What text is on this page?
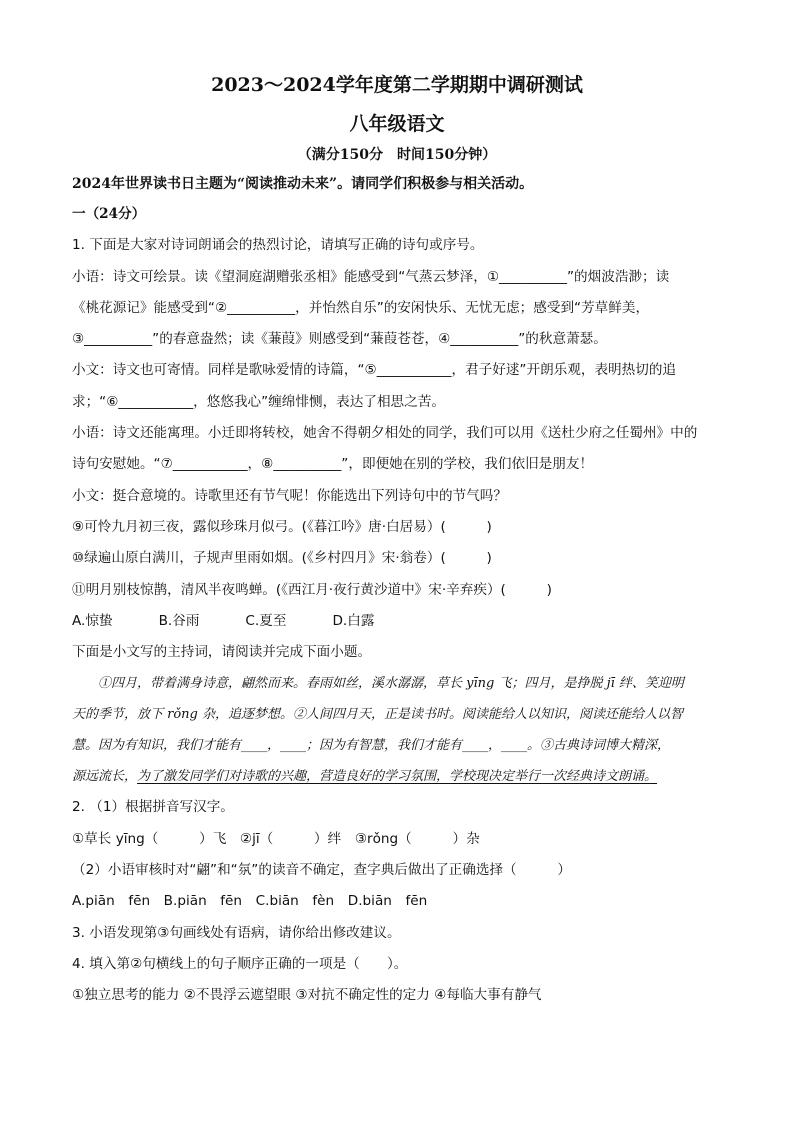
2023～2024学年度第二学期期中调研测试
八年级语文
（满分150分　时间150分钟）
2024年世界读书日主题为“阅读推动未来”。请同学们积极参与相关活动。
一（24分）
1. 下面是大家对诗词朗诵会的热烈讨论，请填写正确的诗句或序号。
小语：诗文可绘景。读《望洞庭湖赠张丞相》能感受到“气蒸云梦泽，①__________”的烟波浩渺；读
《桃花源记》能感受到“②__________，并怡然自乐”的安闲快乐、无忧无虑；感受到“芳草鲜美，
③__________”的春意盎然；读《蒹葭》则感受到“蒹葭苍苍，④__________”的秋意萧瑟。
小文：诗文也可寄情。同样是歌咏爱情的诗篇，“⑤___________，君子好逑”开朗乐观，表明热切的追
求；“⑥___________，悠悠我心”缠绵悱恻，表达了相思之苦。
小语：诗文还能寓理。小迁即将转校，她舍不得朝夕相处的同学，我们可以用《送杜少府之任蜀州》中的
诗句安慰她。“⑦___________，⑧__________”，即便她在别的学校，我们依旧是朋友！
小文：挺合意境的。诗歌里还有节气呢！你能选出下列诗句中的节气吗？
⑨可怜九月初三夜，露似珍珠月似弓。(《暮江吟》唐·白居易）(　　　)
⑩绿遍山原白满川，子规声里雨如烟。(《乡村四月》宋·翁卷）(　　　)
⑪明月别枝惊鹊，清风半夜鸣蝉。(《西江月·夜行黄沙道中》宋·辛弃疾）(　　　)
A.惊蛰	B.谷雨	C.夏至	D.白露
下面是小文写的主持词，请阅读并完成下面小题。
①四月，带着满身诗意，翩然而来。春雨如丝，溪水潺潺，草长 yīng 飞；四月，是挣脱 jī 绊、笑迎明
天的季节，放下 rǒng 杂，追逐梦想。②人间四月天，正是读书时。阅读能给人以知识，阅读还能给人以智
慧。因为有知识，我们才能有____，____；因为有智慧，我们才能有____，____。③古典诗词博大精深，
源远流长，为了激发同学们对诗歌的兴趣，营造良好的学习氛围，学校现决定举行一次经典诗文朗诵。
2. （1）根据拼音写汉字。
①草长 yīng（　　　）飞　②jī（　　　）绊　③rǒng（　　　）杂
（2）小语审核时对“翩”和“氛”的读音不确定，查字典后做出了正确选择（　　　）
A.piān　fēn　B.piān　fēn　C.biān　fèn　D.biān　fēn
3. 小语发现第③句画线处有语病，请你给出修改建议。
4. 填入第②句横线上的句子顺序正确的一项是（　　）。
①独立思考的能力 ②不畏浮云遮望眼 ③对抗不确定性的定力 ④每临大事有静气
